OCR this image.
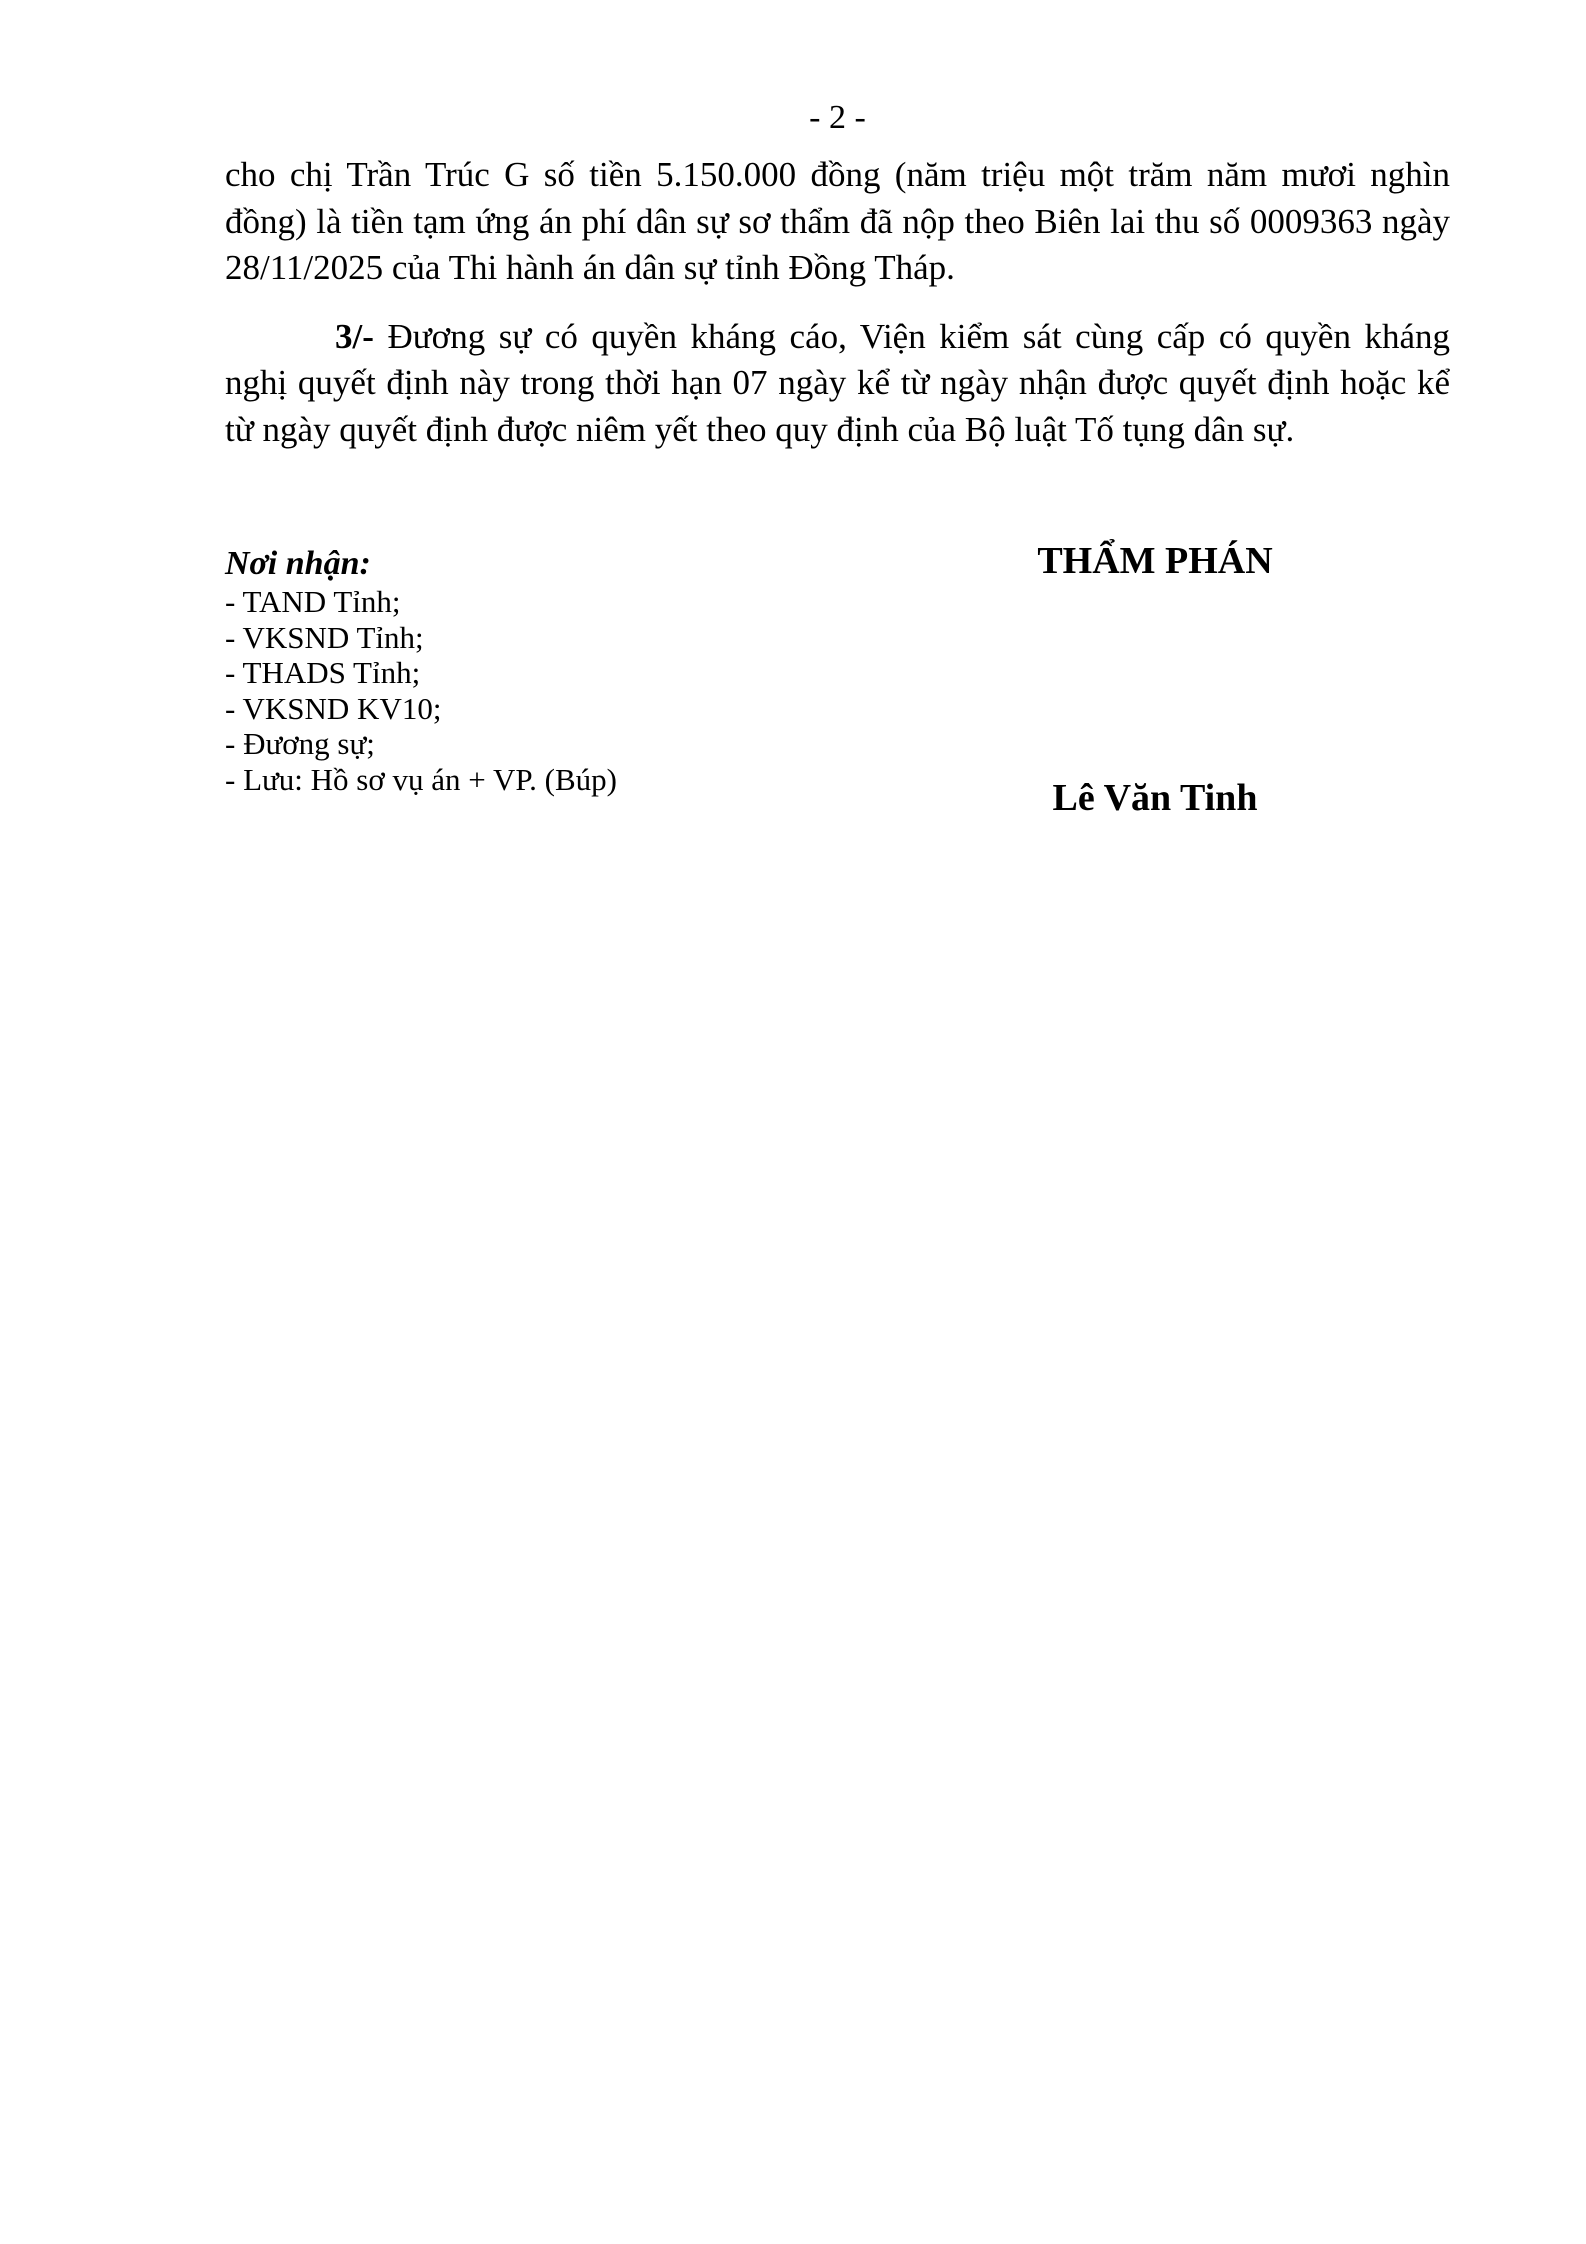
- 2 -

cho chị Trần Trúc G số tiền 5.150.000 đồng (năm triệu một trăm năm mươi nghìn đồng) là tiền tạm ứng án phí dân sự sơ thẩm đã nộp theo Biên lai thu số 0009363 ngày 28/11/2025 của Thi hành án dân sự tỉnh Đồng Tháp.

3/- Đương sự có quyền kháng cáo, Viện kiểm sát cùng cấp có quyền kháng nghị quyết định này trong thời hạn 07 ngày kể từ ngày nhận được quyết định hoặc kể từ ngày quyết định được niêm yết theo quy định của Bộ luật Tố tụng dân sự.

Nơi nhận:
- TAND Tỉnh;
- VKSND Tỉnh;
- THADS Tỉnh;
- VKSND KV10;
- Đương sự;
- Lưu: Hồ sơ vụ án + VP. (Búp)
THẨM PHÁN
Lê Văn Tinh
